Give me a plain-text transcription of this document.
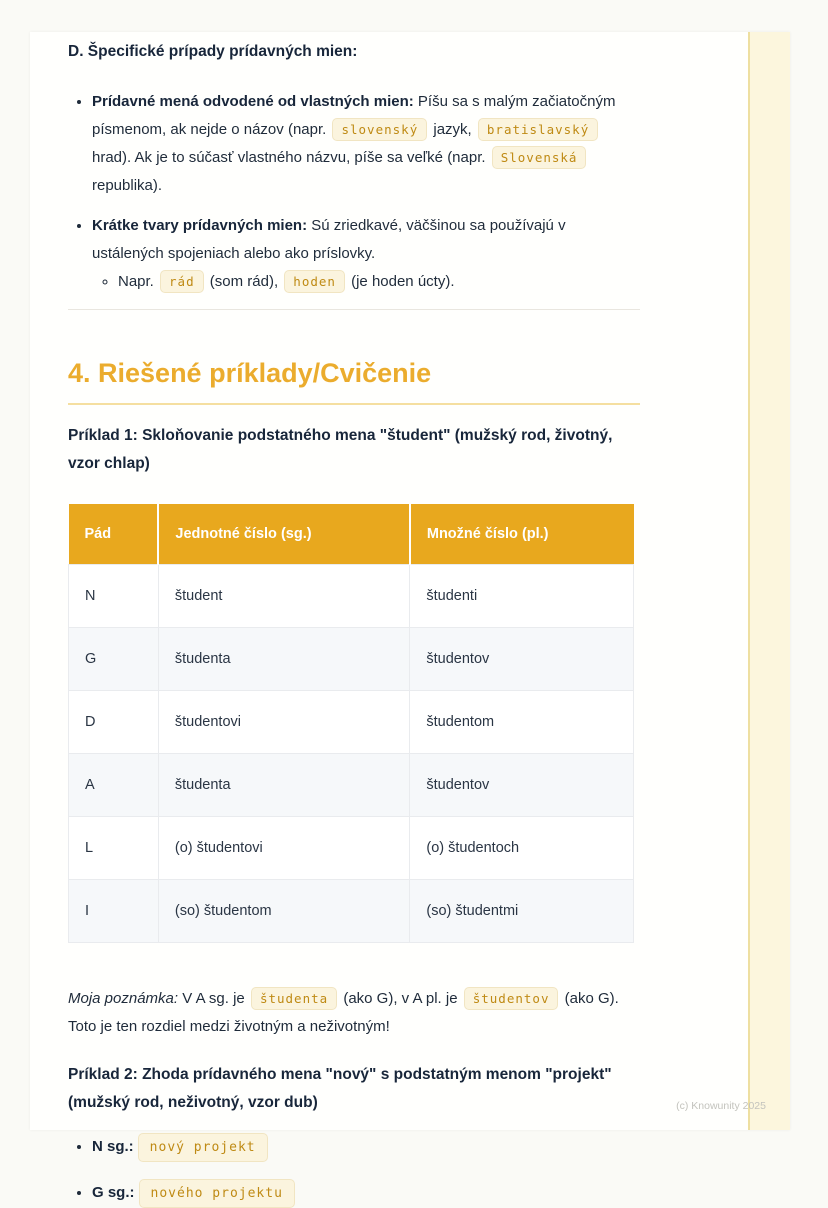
D. Špecifické prípady prídavných mien:
• Prídavné mená odvodené od vlastných mien: Píšu sa s malým začiatočným písmenom, ak nejde o názov (napr. slovenský jazyk, bratislavský hrad). Ak je to súčasť vlastného názvu, píše sa veľké (napr. Slovenská republika).
• Krátke tvary prídavných mien: Sú zriedkavé, väčšinou sa používajú v ustálených spojeniach alebo ako príslovky.
◦ Napr. rád (som rád), hoden (je hoden úcty).
4. Riešené príklady/Cvičenie

Príklad 1: Skloňovanie podstatného mena "študent" (mužský rod, životný, vzor chlap)

Pád	Jednotné číslo (sg.)	Množné číslo (pl.)
N	študent	študenti
G	študenta	študentov
D	študentovi	študentom
A	študenta	študentov
L	(o) študentovi	(o) študentoch
I	(so) študentom	(so) študentmi

Moja poznámka: V A sg. je študenta (ako G), v A pl. je študentov (ako G). Toto je ten rozdiel medzi životným a neživotným!

Príklad 2: Zhoda prídavného mena "nový" s podstatným menom "projekt" (mužský rod, neživotný, vzor dub)

• N sg.: nový projekt
• G sg.: nového projektu
(c) Knowunity 2025
